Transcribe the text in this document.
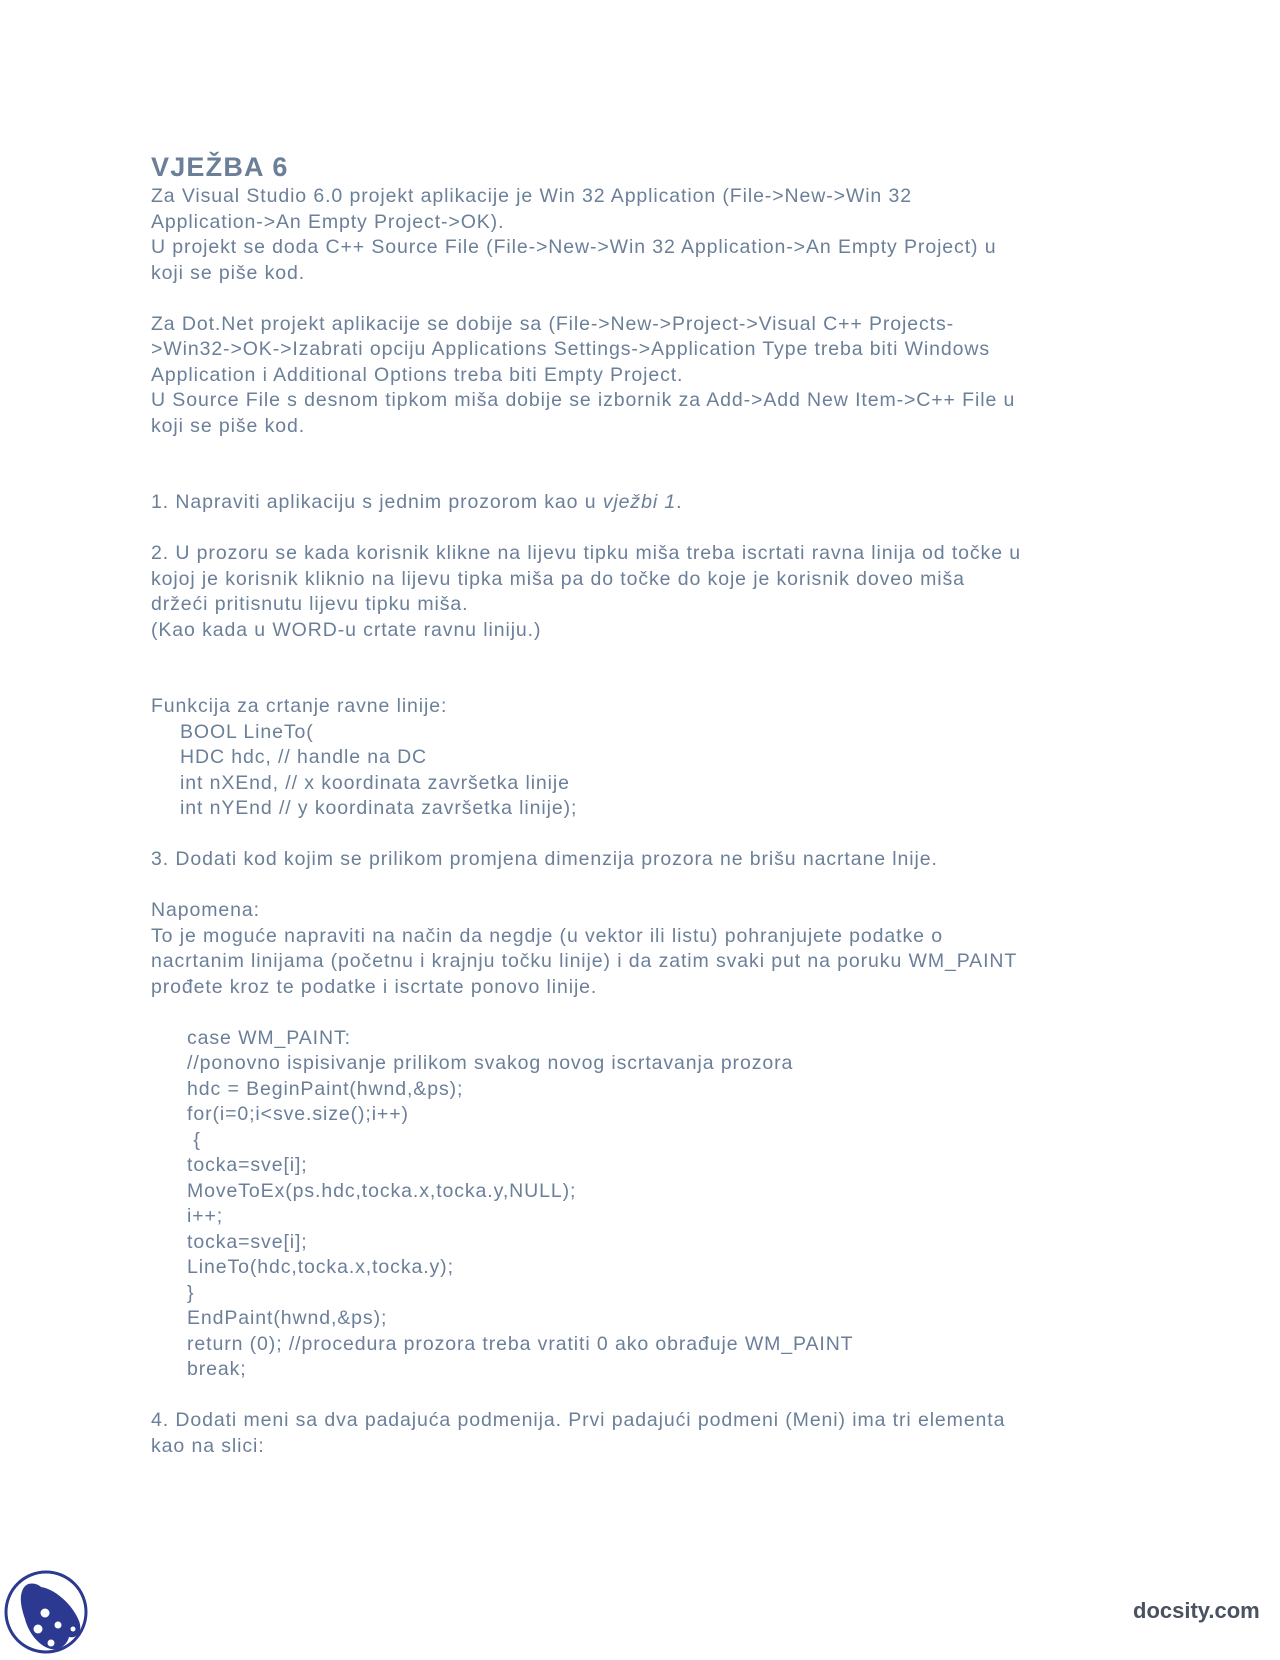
VJEŽBA 6

Za Visual Studio 6.0 projekt aplikacije je Win 32 Application (File->New->Win 32

Application->An Empty Project->OK).

U projekt se doda C++ Source File (File->New->Win 32 Application->An Empty Project) u

koji se piše kod.

Za Dot.Net projekt aplikacije se dobije sa (File->New->Project->Visual C++ Projects-

>Win32->OK->Izabrati opciju Applications Settings->Application Type treba biti Windows

Application i Additional Options treba biti Empty Project.

U Source File s desnom tipkom miša dobije se izbornik za Add->Add New Item->C++ File u

koji se piše kod.

1. Napraviti aplikaciju s jednim prozorom kao u vježbi 1.

2. U prozoru se kada korisnik klikne na lijevu tipku miša treba iscrtati ravna linija od točke u

kojoj je korisnik kliknio na lijevu tipka miša pa do točke do koje je korisnik doveo miša

držeći pritisnutu lijevu tipku miša.

(Kao kada u WORD-u crtate ravnu liniju.)

Funkcija za crtanje ravne linije:

BOOL LineTo(

HDC hdc, // handle na DC

int nXEnd, // x koordinata završetka linije

int nYEnd // y koordinata završetka linije);

3. Dodati kod kojim se prilikom promjena dimenzija prozora ne brišu nacrtane lnije.

Napomena:

To je moguće napraviti na način da negdje (u vektor ili listu) pohranjujete podatke o

nacrtanim linijama (početnu i krajnju točku linije) i da zatim svaki put na poruku WM_PAINT

prođete kroz te podatke i iscrtate ponovo linije.

case WM_PAINT:

//ponovno ispisivanje prilikom svakog novog iscrtavanja prozora

hdc = BeginPaint(hwnd,&ps);

for(i=0;i<sve.size();i++)

{

tocka=sve[i];

MoveToEx(ps.hdc,tocka.x,tocka.y,NULL);

i++;

tocka=sve[i];

LineTo(hdc,tocka.x,tocka.y);

}

EndPaint(hwnd,&ps);

return (0); //procedura prozora treba vratiti 0 ako obrađuje WM_PAINT

break;

4. Dodati meni sa dva padajuća podmenija. Prvi padajući podmeni (Meni) ima tri elementa

kao na slici:

docsity.com
